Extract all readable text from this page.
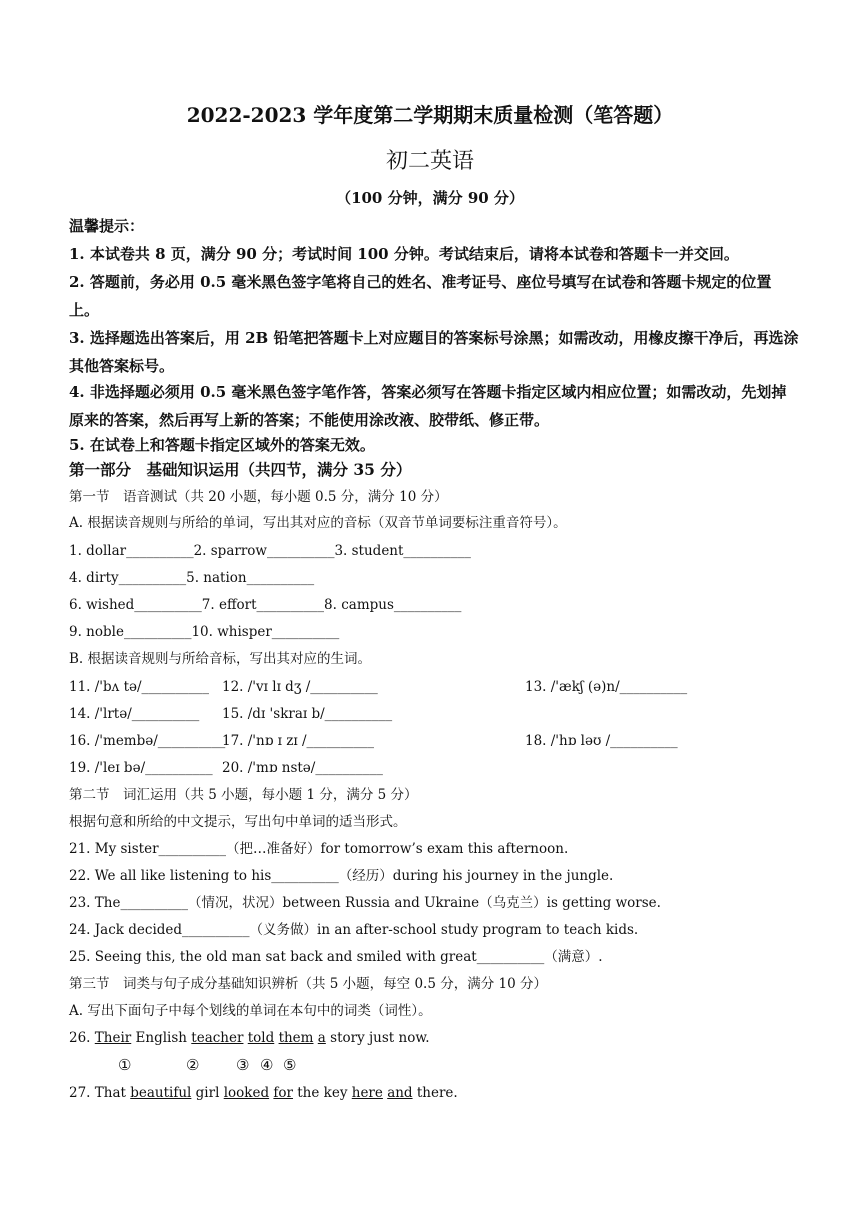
2022-2023 学年度第二学期期末质量检测（笔答题）
初二英语
（100 分钟，满分 90 分）
温馨提示：
1. 本试卷共 8 页，满分 90 分；考试时间 100 分钟。考试结束后，请将本试卷和答题卡一并交回。
2. 答题前，务必用 0.5 毫米黑色签字笔将自己的姓名、准考证号、座位号填写在试卷和答题卡规定的位置上。
3. 选择题选出答案后，用 2B 铅笔把答题卡上对应题目的答案标号涂黑；如需改动，用橡皮擦干净后，再选涂其他答案标号。
4. 非选择题必须用 0.5 毫米黑色签字笔作答，答案必须写在答题卡指定区域内相应位置；如需改动，先划掉原来的答案，然后再写上新的答案；不能使用涂改液、胶带纸、修正带。
5. 在试卷上和答题卡指定区域外的答案无效。
第一部分　基础知识运用（共四节，满分 35 分）
第一节　语音测试（共 20 小题，每小题 0.5 分，满分 10 分）
A. 根据读音规则与所给的单词，写出其对应的音标（双音节单词要标注重音符号）。
1. dollar__________2. sparrow__________3. student__________
4. dirty__________5. nation__________
6. wished__________7. effort__________8. campus__________
9. noble__________10. whisper__________
B. 根据读音规则与所给音标，写出其对应的生词。
11. /'bʌ tə/__________ 12. /'vɪ lɪ dʒ /__________	13. /'ækʃ (ə)n/__________
14. /'lrtə/__________ 15. /dɪ 'skraɪ b/__________
16. /'membə/__________
17. /'nɒ ɪ zɪ /__________	18. /'hɒ ləʊ /__________
19. /'leɪ bə/__________ 20. /'mɒ nstə/__________
第二节　词汇运用（共 5 小题，每小题 1 分，满分 5 分）
根据句意和所给的中文提示，写出句中单词的适当形式。
21. My sister__________（把…准备好）for tomorrow’s exam this afternoon.
22. We all like listening to his__________（经历）during his journey in the jungle.
23. The__________（情况，状况）between Russia and Ukraine（乌克兰）is getting worse.
24. Jack decided__________（义务做）in an after-school study program to teach kids.
25. Seeing this, the old man sat back and smiled with great__________（满意）.
第三节　词类与句子成分基础知识辨析（共 5 小题，每空 0.5 分，满分 10 分）
A. 写出下面句子中每个划线的单词在本句中的词类（词性）。
26. Their English teacher told them a story just now.
①	② ③ ④ ⑤
27. That beautiful girl looked for the key here and there.
